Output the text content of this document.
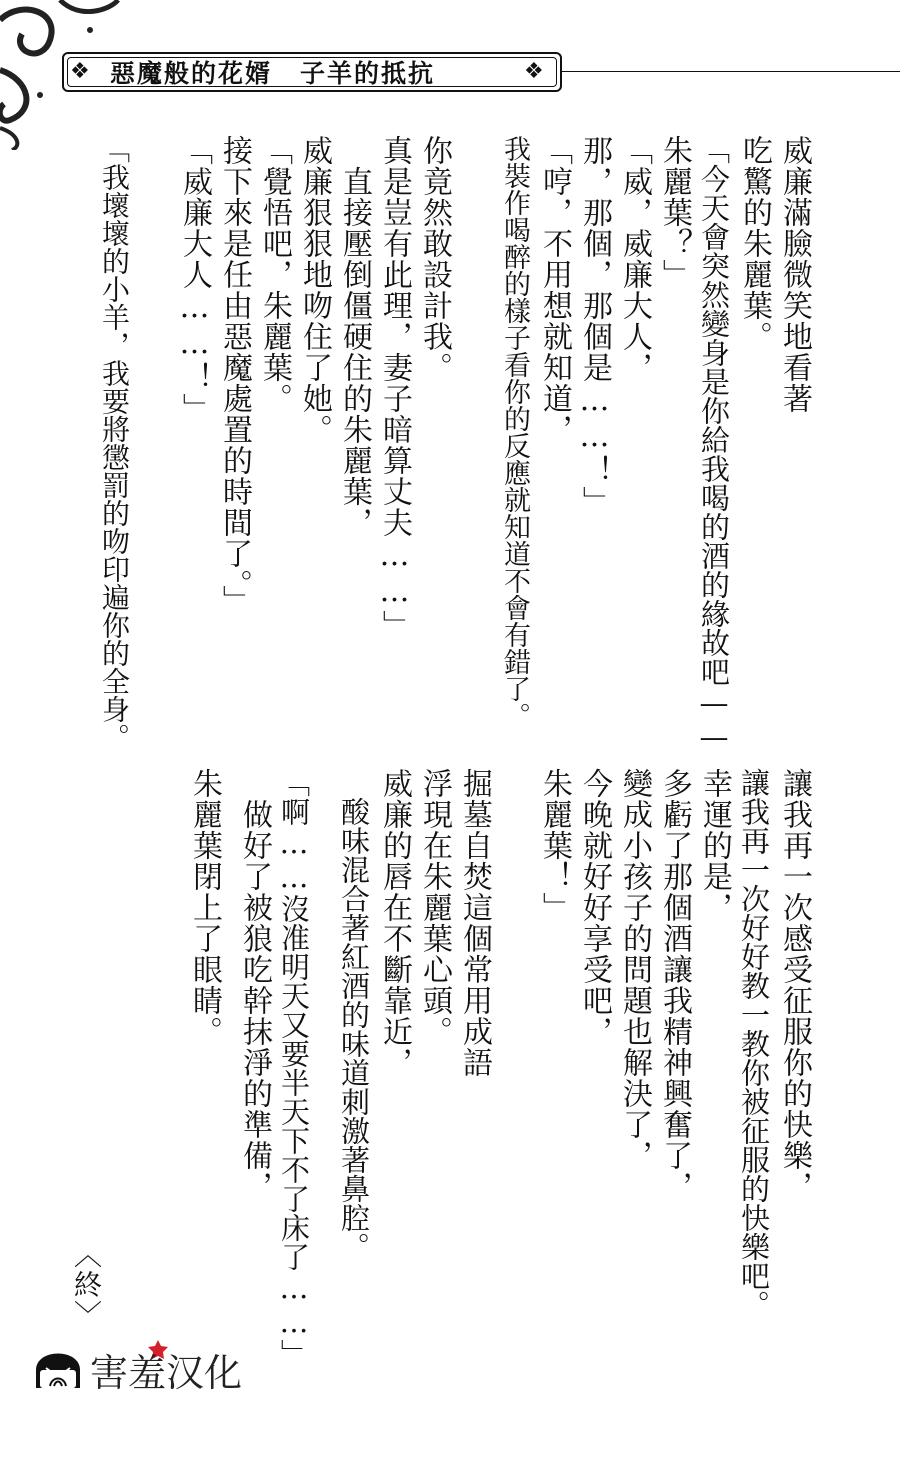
惡魔般的花婿 子羊的抵抗
❖	❖
威廉滿臉微笑地看著
吃驚的朱麗葉。
「今天會突然變身是你給我喝的酒的緣故吧——
朱麗葉？」
「威，威廉大人，
那，那個，那個是……！」
「哼，不用想就知道，
我裝作喝醉的樣子看你的反應就知道不會有錯了。
你竟然敢設計我。
真是豈有此理，妻子暗算丈夫……」
　直接壓倒僵硬住的朱麗葉，
威廉狠狠地吻住了她。
「覺悟吧，朱麗葉。
接下來是任由惡魔處置的時間了。」
「威廉大人……！」
「我壞壞的小羊，我要將懲罰的吻印遍你的全身。
讓我再一次感受征服你的快樂，
讓我再一次好好教一教你被征服的快樂吧。
幸運的是，
多虧了那個酒讓我精神興奮了，
變成小孩子的問題也解決了，
今晚就好好享受吧，
朱麗葉！」
掘墓自焚這個常用成語
浮現在朱麗葉心頭。
威廉的唇在不斷靠近，
　酸味混合著紅酒的味道刺激著鼻腔。
「啊……沒准明天又要半天下不了床了……」
　做好了被狼吃幹抹淨的準備，
朱麗葉閉上了眼睛。
〈終〉
害羞汉化
